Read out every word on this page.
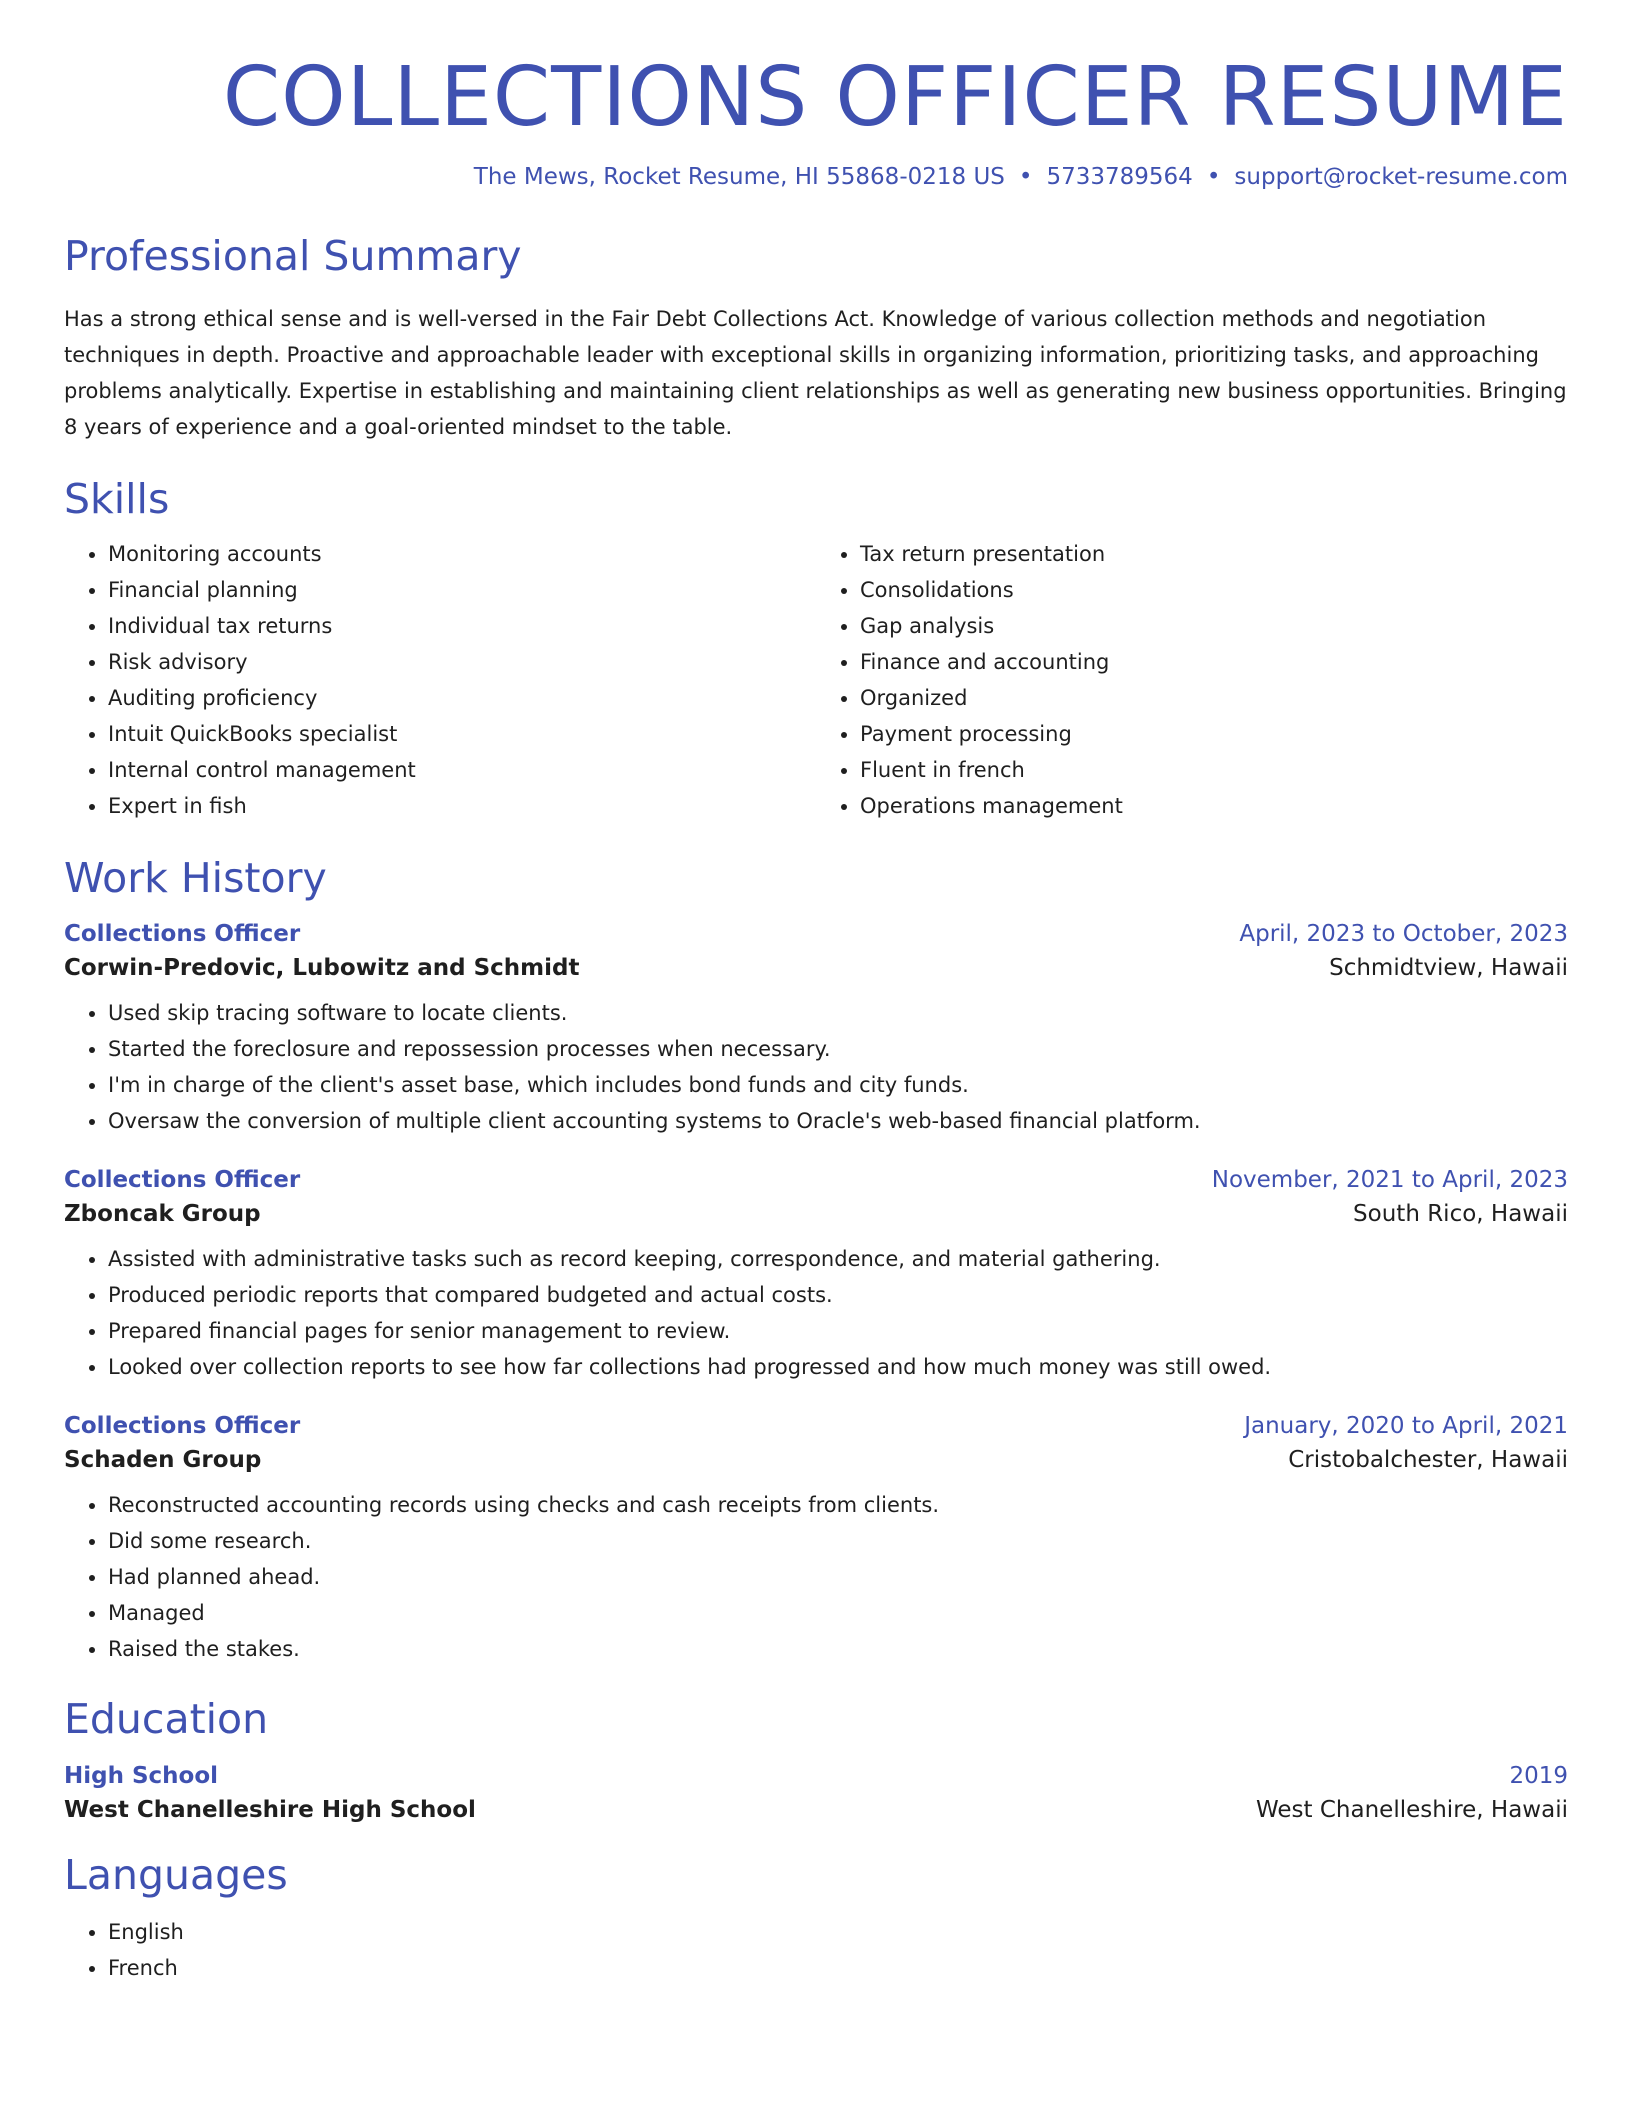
COLLECTIONS OFFICER RESUME
The Mews, Rocket Resume, HI 55868-0218 US • 5733789564 • support@rocket-resume.com
Professional Summary

Has a strong ethical sense and is well-versed in the Fair Debt Collections Act. Knowledge of various collection methods and negotiation techniques in depth. Proactive and approachable leader with exceptional skills in organizing information, prioritizing tasks, and approaching problems analytically. Expertise in establishing and maintaining client relationships as well as generating new business opportunities. Bringing 8 years of experience and a goal-oriented mindset to the table.

Skills
• Monitoring accounts
• Financial planning
• Individual tax returns
• Risk advisory
• Auditing proficiency
• Intuit QuickBooks specialist
• Internal control management
• Expert in fish
• Tax return presentation
• Consolidations
• Gap analysis
• Finance and accounting
• Organized
• Payment processing
• Fluent in french
• Operations management
Work History
Collections Officer	April, 2023 to October, 2023
Corwin-Predovic, Lubowitz and Schmidt	Schmidtview, Hawaii
• Used skip tracing software to locate clients.
• Started the foreclosure and repossession processes when necessary.
• I'm in charge of the client's asset base, which includes bond funds and city funds.
• Oversaw the conversion of multiple client accounting systems to Oracle's web-based financial platform.
Collections Officer	November, 2021 to April, 2023
Zboncak Group	South Rico, Hawaii
• Assisted with administrative tasks such as record keeping, correspondence, and material gathering.
• Produced periodic reports that compared budgeted and actual costs.
• Prepared financial pages for senior management to review.
• Looked over collection reports to see how far collections had progressed and how much money was still owed.
Collections Officer	January, 2020 to April, 2021
Schaden Group	Cristobalchester, Hawaii
• Reconstructed accounting records using checks and cash receipts from clients.
• Did some research.
• Had planned ahead.
• Managed
• Raised the stakes.
Education
High School	2019
West Chanelleshire High School	West Chanelleshire, Hawaii
Languages
• English
• French
